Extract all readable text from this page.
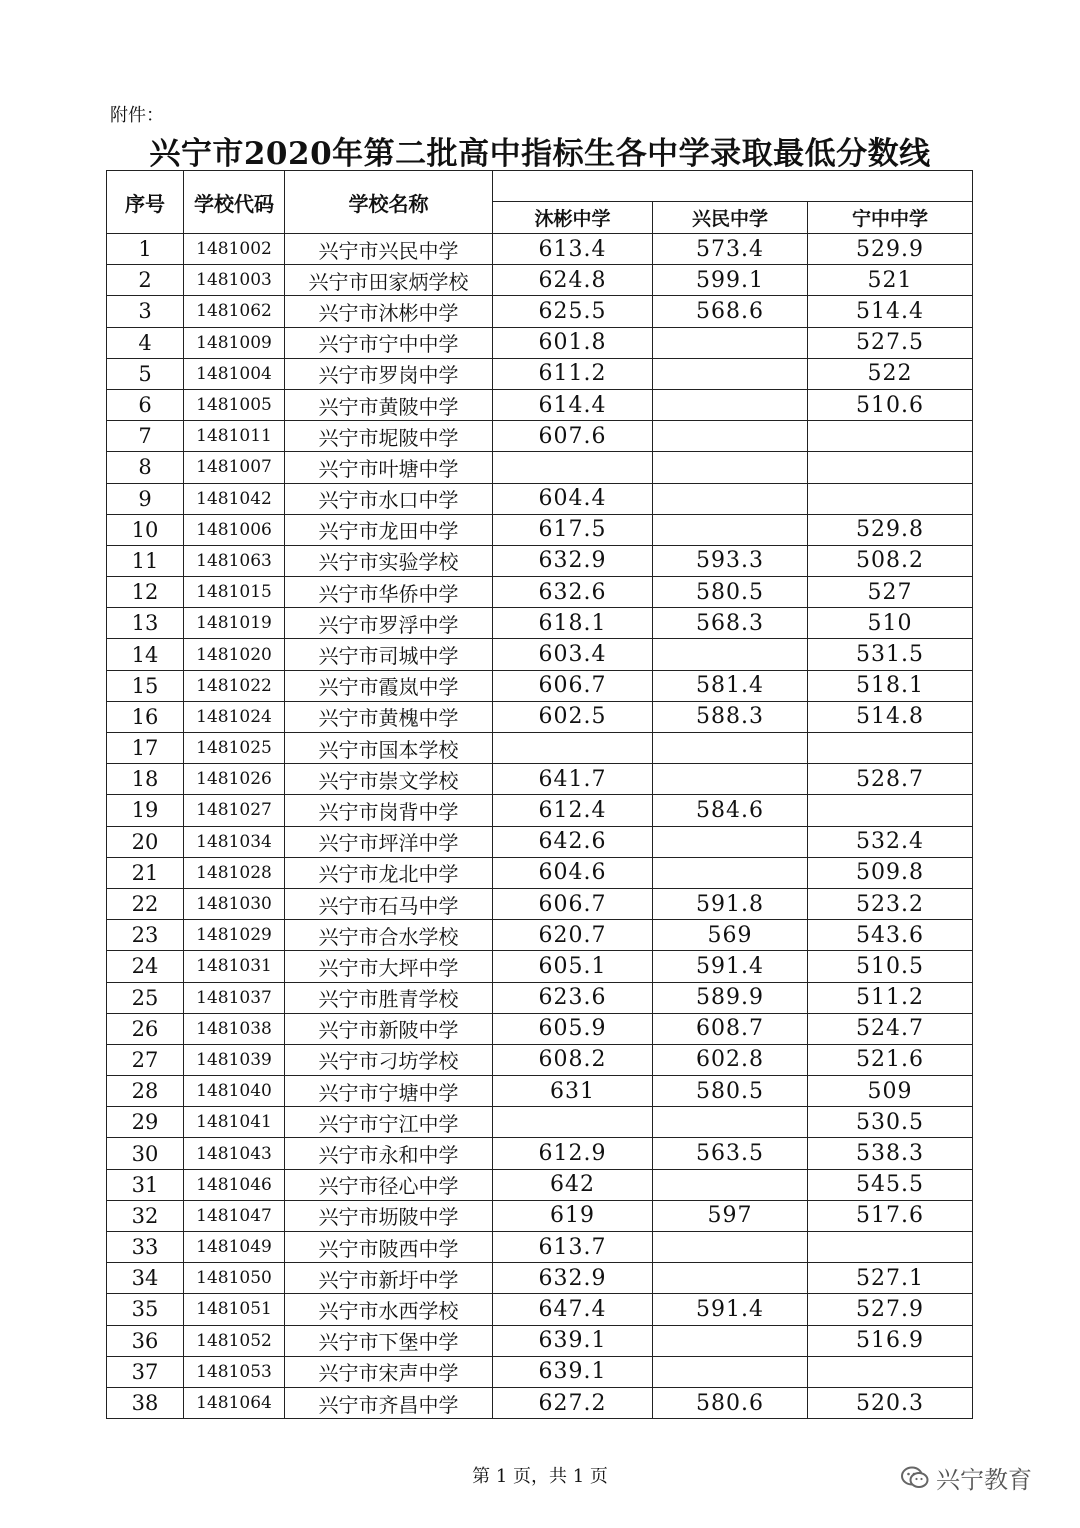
附件：
兴宁市2020年第二批高中指标生各中学录取最低分数线
序号	学校代码	学校名称			
			沐彬中学	兴民中学	宁中中学
1	1481002	兴宁市兴民中学	613.4	573.4	529.9
2	1481003	兴宁市田家炳学校	624.8	599.1	521
3	1481062	兴宁市沐彬中学	625.5	568.6	514.4
4	1481009	兴宁市宁中中学	601.8		527.5
5	1481004	兴宁市罗岗中学	611.2		522
6	1481005	兴宁市黄陂中学	614.4		510.6
7	1481011	兴宁市坭陂中学	607.6		
8	1481007	兴宁市叶塘中学			
9	1481042	兴宁市水口中学	604.4		
10	1481006	兴宁市龙田中学	617.5		529.8
11	1481063	兴宁市实验学校	632.9	593.3	508.2
12	1481015	兴宁市华侨中学	632.6	580.5	527
13	1481019	兴宁市罗浮中学	618.1	568.3	510
14	1481020	兴宁市司城中学	603.4		531.5
15	1481022	兴宁市霞岚中学	606.7	581.4	518.1
16	1481024	兴宁市黄槐中学	602.5	588.3	514.8
17	1481025	兴宁市国本学校			
18	1481026	兴宁市崇文学校	641.7		528.7
19	1481027	兴宁市岗背中学	612.4	584.6	
20	1481034	兴宁市坪洋中学	642.6		532.4
21	1481028	兴宁市龙北中学	604.6		509.8
22	1481030	兴宁市石马中学	606.7	591.8	523.2
23	1481029	兴宁市合水学校	620.7	569	543.6
24	1481031	兴宁市大坪中学	605.1	591.4	510.5
25	1481037	兴宁市胜青学校	623.6	589.9	511.2
26	1481038	兴宁市新陂中学	605.9	608.7	524.7
27	1481039	兴宁市刁坊学校	608.2	602.8	521.6
28	1481040	兴宁市宁塘中学	631	580.5	509
29	1481041	兴宁市宁江中学			530.5
30	1481043	兴宁市永和中学	612.9	563.5	538.3
31	1481046	兴宁市径心中学	642		545.5
32	1481047	兴宁市坜陂中学	619	597	517.6
33	1481049	兴宁市陂西中学	613.7		
34	1481050	兴宁市新圩中学	632.9		527.1
35	1481051	兴宁市水西学校	647.4	591.4	527.9
36	1481052	兴宁市下堡中学	639.1		516.9
37	1481053	兴宁市宋声中学	639.1		
38	1481064	兴宁市齐昌中学	627.2	580.6	520.3
第 1 页，共 1 页	兴宁教育
